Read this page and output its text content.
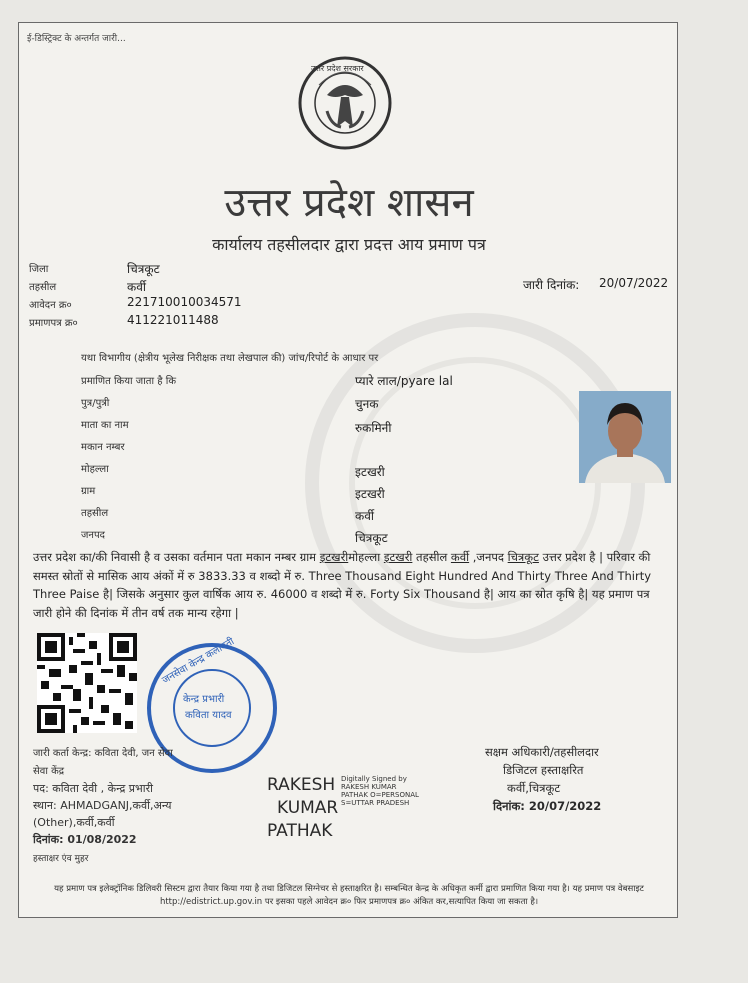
ई-डिस्ट्रिक्ट के अन्तर्गत जारी...
उत्तर प्रदेश सरकार
उत्तर प्रदेश शासन
कार्यालय तहसीलदार द्वारा प्रदत्त आय प्रमाण पत्र
जिला	चित्रकूट
तहसील	कर्वी
आवेदन क्र०	221710010034571
प्रमाणपत्र क्र०	411221011488
जारी दिनांक: 20/07/2022
यथा विभागीय (क्षेत्रीय भूलेख निरीक्षक तथा लेखपाल की) जांच/रिपोर्ट के आधार पर
प्रमाणित किया जाता है कि	प्यारे लाल/pyare lal
पुत्र/पुत्री	चुनक
माता का नाम	रुकमिनी
मकान नम्बर
मोहल्ला	इटखरी
ग्राम	इटखरी
तहसील	कर्वी
जनपद	चित्रकूट
उत्तर प्रदेश का/की निवासी है व उसका वर्तमान पता मकान नम्बर ग्राम इटखरीमोहल्ला इटखरी तहसील कर्वी ,जनपद चित्रकूट उत्तर प्रदेश है | परिवार की समस्त स्रोतों से मासिक आय अंकों में रु 3833.33 व शब्दो में रु. Three Thousand Eight Hundred And Thirty Three And Thirty Three Paise है| जिसके अनुसार कुल वार्षिक आय रु. 46000 व शब्दो में रु. Forty Six Thousand है| आय का स्रोत कृषि है| यह प्रमाण पत्र जारी होने की दिनांक में तीन वर्ष तक मान्य रहेगा |
जनसेवा केन्द्र कलावती
केन्द्र प्रभारी
कविता यादव
जारी कर्ता केन्द्र: कविता देवी, जन सेवा
सेवा केंद्र
पद: कविता देवी , केन्द्र प्रभारी
स्थान: AHMADGANJ,कर्वी,अन्य
(Other),कर्वी,कर्वी
दिनांक: 01/08/2022
हस्ताक्षर एंव मुहर
RAKESH
KUMAR
PATHAK
Digitally Signed by
RAKESH KUMAR
PATHAK O=PERSONAL
S=UTTAR PRADESH
सक्षम अधिकारी/तहसीलदार
डिजिटल हस्ताक्षरित
कर्वी,चित्रकूट
दिनांक: 20/07/2022
यह प्रमाण पत्र इलेक्ट्रॉनिक डिलिवरी सिस्टम द्वारा तैयार किया गया है तथा डिजिटल सिग्नेचर से हस्ताक्षरित है। सम्बन्धित केन्द्र के अधिकृत कर्मी द्वारा प्रमाणित किया गया है। यह प्रमाण पत्र वेबसाइट http://edistrict.up.gov.in पर इसका पहले आवेदन क्र० फिर प्रमाणपत्र क्र० अंकित कर,सत्यापित किया जा सकता है।
